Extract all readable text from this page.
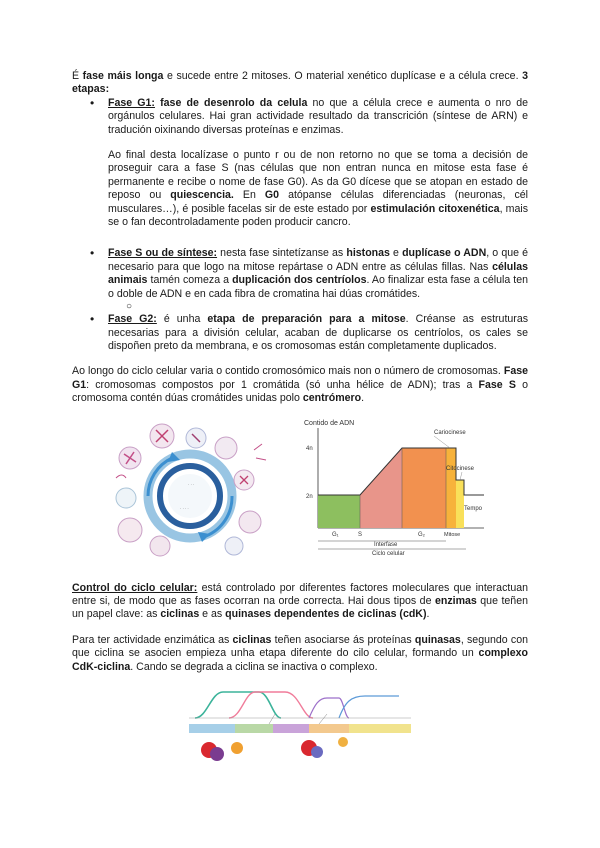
É fase máis longa e sucede entre 2 mitoses. O material xenético duplícase e a célula crece. 3 etapas:

• Fase G1: fase de desenrolo da celula no que a célula crece e aumenta o nro de orgánulos celulares. Hai gran actividade resultado da transcrición (síntese de ARN) e tradución oixinando diversas proteínas e enzimas.

Ao final desta localízase o punto r ou de non retorno no que se toma a decisión de proseguir cara a fase S (nas células que non entran nunca en mitose esta fase é permanente e recibe o nome de fase G0). As da G0 dícese que se atopan en estado de reposo ou quiescencia. En G0 atópanse células diferenciadas (neuronas, cél musculares…), é posible facelas sir de este estado por estimulación citoxenética, mais se o fan decontroladamente poden producir cancro.

• Fase S ou de síntese: nesta fase sintetízanse as histonas e duplícase o ADN, o que é necesario para que logo na mitose repártase o ADN entre as células fillas. Nas células animais tamén comeza a duplicación dos centríolos. Ao finalizar esta fase a célula ten o doble de ADN e en cada fibra de cromatina hai dúas cromátides.

○

• Fase G2: é unha etapa de preparación para a mitose. Créanse as estruturas necesarias para a división celular, acaban de duplicarse os centríolos, os cales se dispoñen preto da membrana, e os cromosomas están completamente duplicados.

Ao longo do ciclo celular varia o contido cromosómico mais non o número de cromosomas. Fase G1: cromosomas compostos por 1 cromátida (só unha hélice de ADN); tras a Fase S o cromosoma contén dúas cromátides unidas polo centrómero.

· · ·
· · · ·
Contido de ADN
4n
2n
Cariocinese
Citocinese
Tempo
G₁	S	G₂	Mitose
Interfase
Ciclo celular

Control do ciclo celular: está controlado por diferentes factores moleculares que interactuan entre si, de modo que as fases ocorran na orde correcta. Hai dous tipos de enzimas que teñen un papel clave: as ciclinas e as quinases dependentes de ciclinas (cdK).

Para ter actividade enzimática as ciclinas teñen asociarse ás proteínas quinasas, segundo con que ciclina se asocien empieza unha etapa diferente do cilo celular, formando un complexo CdK-ciclina. Cando se degrada a ciclina se inactiva o complexo.
